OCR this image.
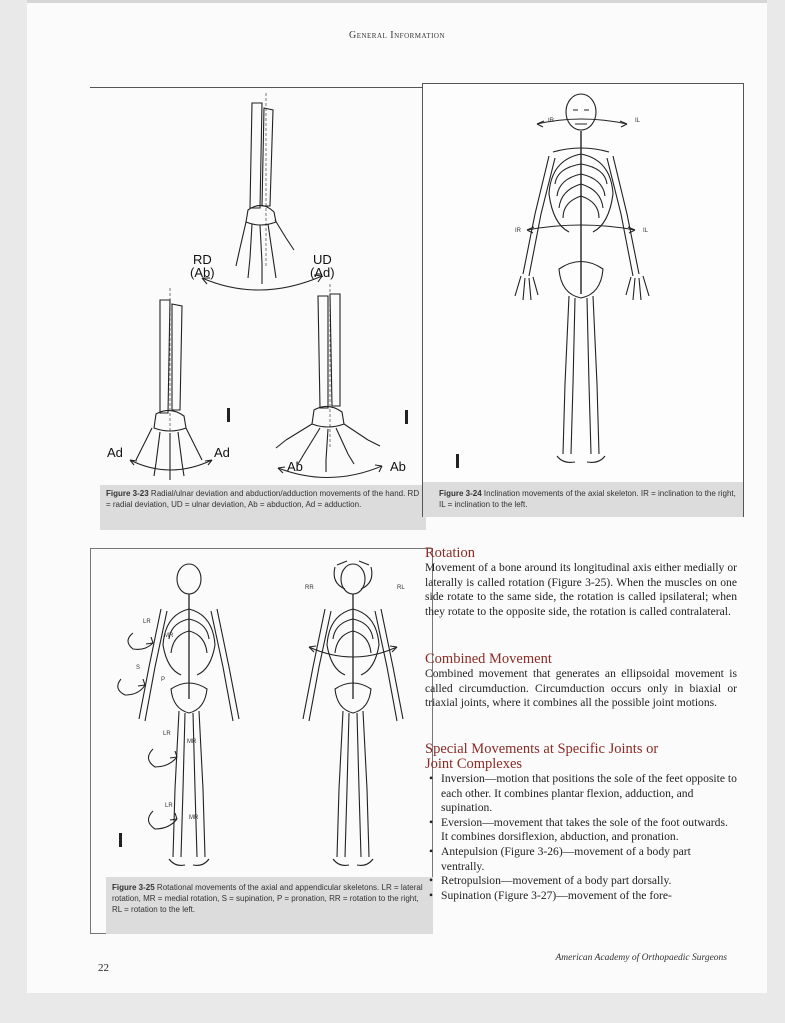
General Information
RD
(Ab)
UD
(Ad)
Ad	Ad
Ab	Ab
Figure 3-23 Radial/ulnar deviation and abduction/adduction movements of the hand. RD = radial deviation, UD = ulnar deviation, Ab = abduction, Ad = adduction.
IR	IL
IR	IL
Figure 3-24 Inclination movements of the axial skeleton. IR = inclination to the right, IL = inclination to the left.
LR
MR
S
P
LR
MR
LR
MR
RR	RL
Figure 3-25 Rotational movements of the axial and appendicular skeletons. LR = lateral rotation, MR = medial rotation, S = supination, P = pronation, RR = rotation to the right, RL = rotation to the left.
Rotation

Movement of a bone around its longitudinal axis either medially or laterally is called rotation (Figure 3-25). When the muscles on one side rotate to the same side, the rotation is called ipsilateral; when they rotate to the opposite side, the rotation is called contralateral.

Combined Movement

Combined movement that generates an ellipsoidal movement is called circumduction. Circumduction occurs only in biaxial or triaxial joints, where it combines all the possible joint motions.

Special Movements at Specific Joints or
Joint Complexes
• Inversion—motion that positions the sole of the feet opposite to each other. It combines plantar flexion, adduction, and supination.
• Eversion—movement that takes the sole of the foot outwards. It combines dorsiflexion, abduction, and pronation.
• Antepulsion (Figure 3-26)—movement of a body part ventrally.
• Retropulsion—movement of a body part dorsally.
• Supination (Figure 3-27)—movement of the fore-
22
American Academy of Orthopaedic Surgeons
